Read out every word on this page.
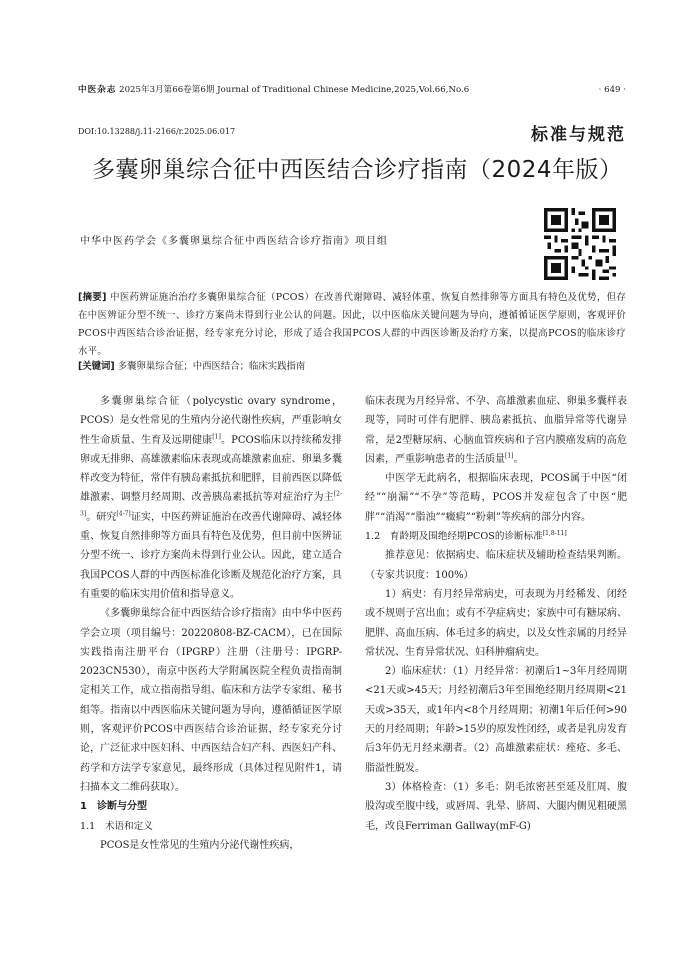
中医杂志 2025年3月第66卷第6期 Journal of Traditional Chinese Medicine,2025,Vol.66,No.6	· 649 ·
DOI:10.13288/j.11-2166/r.2025.06.017	标准与规范
多囊卵巢综合征中西医结合诊疗指南（2024年版）
中华中医药学会《多囊卵巢综合征中西医结合诊疗指南》项目组
[摘要] 中医药辨证施治治疗多囊卵巢综合征（PCOS）在改善代谢障碍、减轻体重、恢复自然排卵等方面具有特色及优势，但存在中医辨证分型不统一、诊疗方案尚未得到行业公认的问题。因此，以中医临床关键问题为导向，遵循循证医学原则，客观评价PCOS中西医结合诊治证据，经专家充分讨论，形成了适合我国PCOS人群的中西医诊断及治疗方案，以提高PCOS的临床诊疗水平。
[关键词] 多囊卵巢综合征；中西医结合；临床实践指南

多囊卵巢综合征（polycystic ovary syndrome，PCOS）是女性常见的生殖内分泌代谢性疾病，严重影响女性生命质量、生育及远期健康[1]。PCOS临床以持续稀发排卵或无排卵、高雄激素临床表现或高雄激素血症、卵巢多囊样改变为特征，常伴有胰岛素抵抗和肥胖，目前西医以降低雄激素、调整月经周期、改善胰岛素抵抗等对症治疗为主[2-3]。研究[4-7]证实，中医药辨证施治在改善代谢障碍、减轻体重、恢复自然排卵等方面具有特色及优势，但目前中医辨证分型不统一、诊疗方案尚未得到行业公认。因此，建立适合我国PCOS人群的中西医标准化诊断及规范化治疗方案，具有重要的临床实用价值和指导意义。

《多囊卵巢综合征中西医结合诊疗指南》由中华中医药学会立项（项目编号：20220808-BZ-CACM），已在国际实践指南注册平台（IPGRP）注册（注册号：IPGRP-2023CN530），南京中医药大学附属医院全程负责指南制定相关工作，成立指南指导组、临床和方法学专家组、秘书组等。指南以中西医临床关键问题为导向，遵循循证医学原则，客观评价PCOS中西医结合诊治证据，经专家充分讨论，广泛征求中医妇科、中西医结合妇产科、西医妇产科、药学和方法学专家意见，最终形成（具体过程见附件1，请扫描本文二维码获取）。

1　诊断与分型

1.1　术语和定义

PCOS是女性常见的生殖内分泌代谢性疾病，

临床表现为月经异常、不孕、高雄激素血症、卵巢多囊样表现等，同时可伴有肥胖、胰岛素抵抗、血脂异常等代谢异常，是2型糖尿病、心脑血管疾病和子宫内膜癌发病的高危因素，严重影响患者的生活质量[1]。

中医学无此病名，根据临床表现，PCOS属于中医“闭经”“崩漏”“不孕”等范畴，PCOS并发症包含了中医“肥胖”“消渴”“脂浊”“癥瘕”“粉刺”等疾病的部分内容。

1.2　育龄期及围绝经期PCOS的诊断标准[1,8-11]

推荐意见：依据病史、临床症状及辅助检查结果判断。（专家共识度：100%）

1）病史：有月经异常病史，可表现为月经稀发、闭经或不规则子宫出血；或有不孕症病史；家族中可有糖尿病、肥胖、高血压病、体毛过多的病史，以及女性亲属的月经异常状况、生育异常状况、妇科肿瘤病史。

2）临床症状：（1）月经异常：初潮后1~3年月经周期<21天或>45天；月经初潮后3年至围绝经期月经周期<21天或>35天，或1年内<8个月经周期；初潮1年后任何>90天的月经周期；年龄>15岁的原发性闭经，或者是乳房发育后3年仍无月经来潮者。（2）高雄激素症状：痤疮、多毛、脂溢性脱发。

3）体格检查：（1）多毛：阴毛浓密甚至延及肛周、腹股沟或至腹中线，或唇周、乳晕、脐周、大腿内侧见粗硬黑毛，改良Ferriman Gallway(mF-G)
